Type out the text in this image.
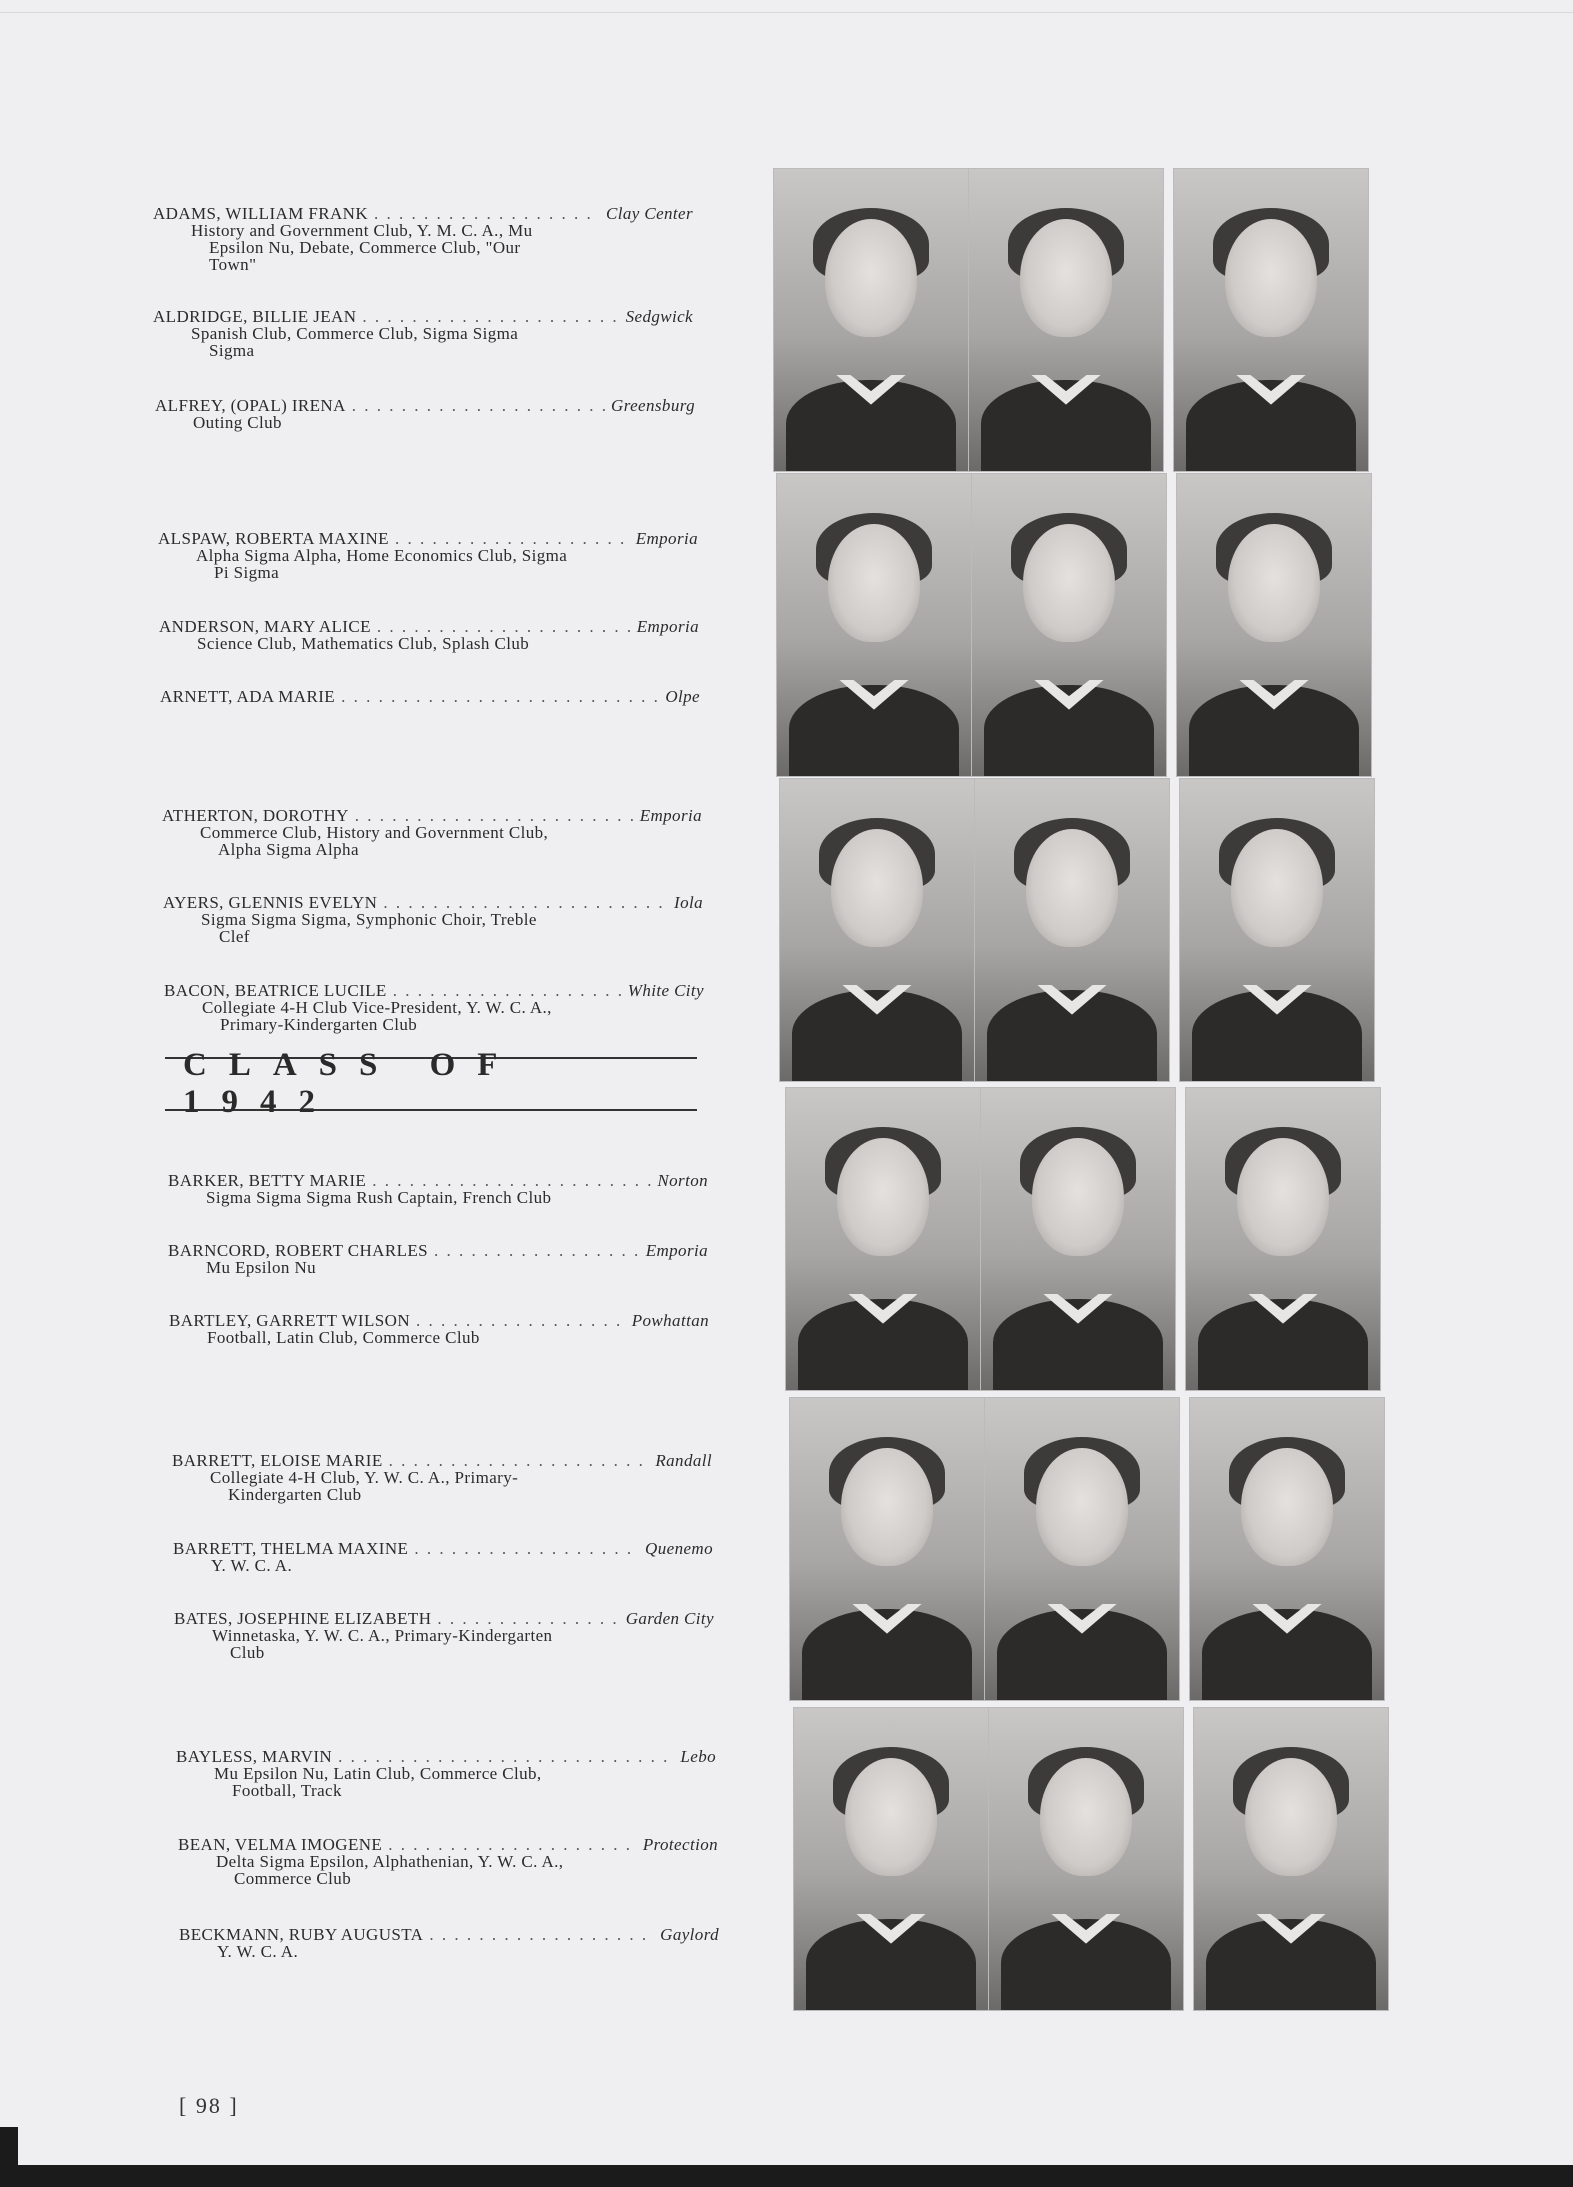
ADAMS, WILLIAM FRANK . . .	Clay Center
History and Government Club, Y. M. C. A., Mu
Epsilon Nu, Debate, Commerce Club, "Our
Town"
ALDRIDGE, BILLIE JEAN . . .	Sedgwick
Spanish Club, Commerce Club, Sigma Sigma
Sigma
ALFREY, (OPAL) IRENA . . .	Greensburg
Outing Club
ALSPAW, ROBERTA MAXINE . . .	Emporia
Alpha Sigma Alpha, Home Economics Club, Sigma
Pi Sigma
ANDERSON, MARY ALICE . . .	Emporia
Science Club, Mathematics Club, Splash Club
ARNETT, ADA MARIE . . .	Olpe
ATHERTON, DOROTHY . . .	Emporia
Commerce Club, History and Government Club,
Alpha Sigma Alpha
AYERS, GLENNIS EVELYN . . .	Iola
Sigma Sigma Sigma, Symphonic Choir, Treble
Clef
BACON, BEATRICE LUCILE . . .	White City
Collegiate 4-H Club Vice-President, Y. W. C. A.,
Primary-Kindergarten Club
BARKER, BETTY MARIE . . .	Norton
Sigma Sigma Sigma Rush Captain, French Club
BARNCORD, ROBERT CHARLES . . .	Emporia
Mu Epsilon Nu
BARTLEY, GARRETT WILSON . . .	Powhattan
Football, Latin Club, Commerce Club
BARRETT, ELOISE MARIE . . .	Randall
Collegiate 4-H Club, Y. W. C. A., Primary-
Kindergarten Club
BARRETT, THELMA MAXINE . . .	Quenemo
Y. W. C. A.
BATES, JOSEPHINE ELIZABETH . . .	Garden City
Winnetaska, Y. W. C. A., Primary-Kindergarten
Club
BAYLESS, MARVIN . . .	Lebo
Mu Epsilon Nu, Latin Club, Commerce Club,
Football, Track
BEAN, VELMA IMOGENE . . .	Protection
Delta Sigma Epsilon, Alphathenian, Y. W. C. A.,
Commerce Club
BECKMANN, RUBY AUGUSTA . . .	Gaylord
Y. W. C. A.
CLASS OF 1942
[ 98 ]
